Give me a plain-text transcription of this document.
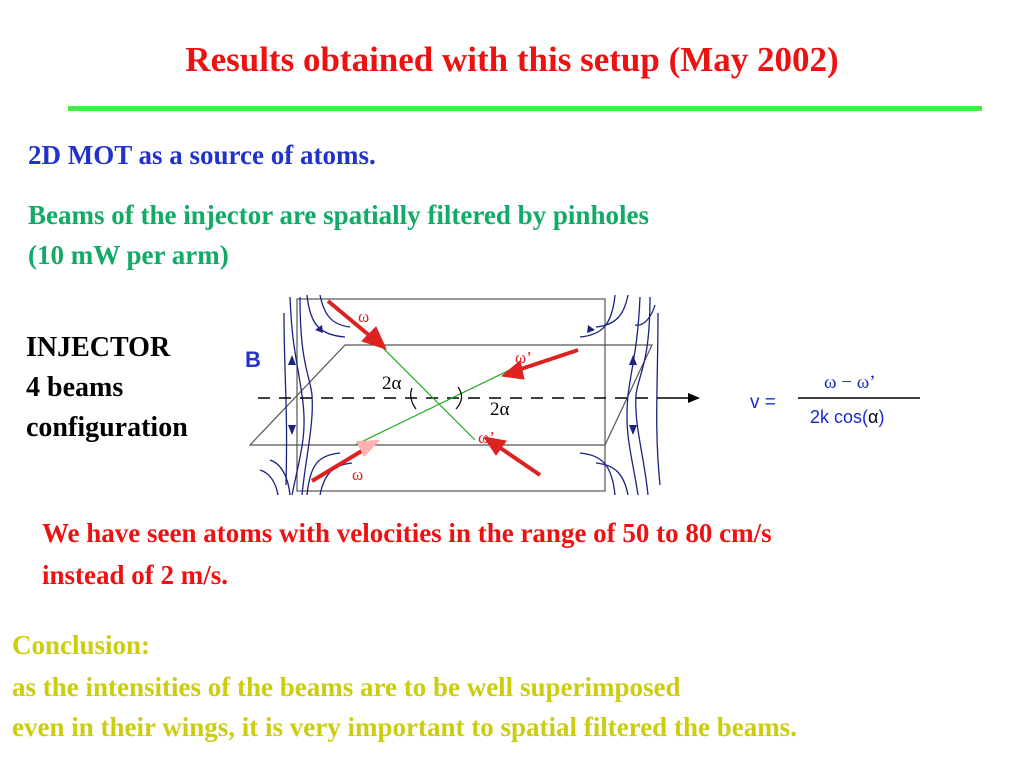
Results obtained with this setup (May 2002)
2D MOT as a source of atoms.
Beams of the injector are spatially filtered by pinholes
(10 mW per arm)
INJECTOR
4 beams
configuration
B
ω
ω’
ω’
ω
2α
2α	v =
ω − ω’
2k cos(α)
We have seen atoms with velocities in the range of 50 to 80 cm/s
instead of 2 m/s.
Conclusion:
as the intensities of the beams are to be well superimposed
even in their wings, it is very important to spatial filtered the beams.
